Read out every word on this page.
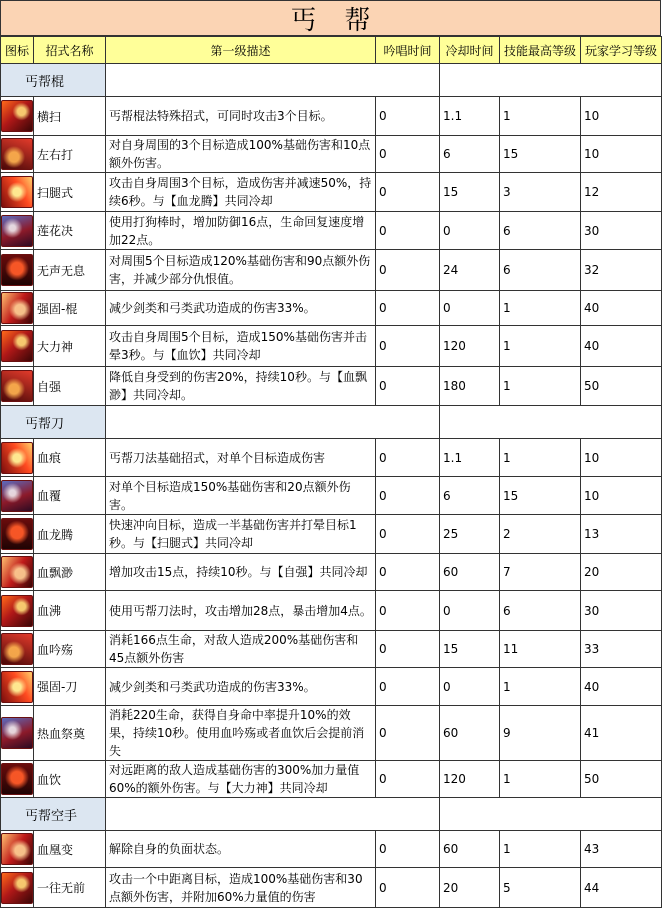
丐帮
图标	招式名称	第一级描述	吟唱时间	冷却时间	技能最高等级	玩家学习等级
丐帮棍						

	横扫	丐帮棍法特殊招式，可同时攻击3个目标。	0	1.1	1	10

	左右打	对自身周围的3个目标造成100%基础伤害和10点额外伤害。	0	6	15	10

	扫腿式	攻击自身周围3个目标，造成伤害并减速50%，持续6秒。与【血龙腾】共同冷却	0	15	3	12

	莲花决	使用打狗棒时，增加防御16点，生命回复速度增加22点。	0	0	6	30

	无声无息	对周围5个目标造成120%基础伤害和90点额外伤害，并减少部分仇恨值。	0	24	6	32

	强固-棍	减少剑类和弓类武功造成的伤害33%。	0	0	1	40

	大力神	攻击自身周围5个目标，造成150%基础伤害并击晕3秒。与【血饮】共同冷却	0	120	1	40

	自强	降低自身受到的伤害20%，持续10秒。与【血飘渺】共同冷却。	0	180	1	50
丐帮刀						

	血痕	丐帮刀法基础招式，对单个目标造成伤害	0	1.1	1	10

	血覆	对单个目标造成150%基础伤害和20点额外伤害。	0	6	15	10

	血龙腾	快速冲向目标，造成一半基础伤害并打晕目标1秒。与【扫腿式】共同冷却	0	25	2	13

	血飘渺	增加攻击15点，持续10秒。与【自强】共同冷却	0	60	7	20

	血沸	使用丐帮刀法时，攻击增加28点，暴击增加4点。	0	0	6	30

	血吟殇	消耗166点生命，对敌人造成200%基础伤害和45点额外伤害	0	15	11	33

	强固-刀	减少剑类和弓类武功造成的伤害33%。	0	0	1	40

	热血祭奠	消耗220生命，获得自身命中率提升10%的效果，持续10秒。使用血吟殇或者血饮后会提前消失	0	60	9	41

	血饮	对远距离的敌人造成基础伤害的300%加力量值60%的额外伤害。与【大力神】共同冷却	0	120	1	50
丐帮空手						

	血凰变	解除自身的负面状态。	0	60	1	43

	一往无前	攻击一个中距离目标，造成100%基础伤害和30点额外伤害，并附加60%力量值的伤害	0	20	5	44
